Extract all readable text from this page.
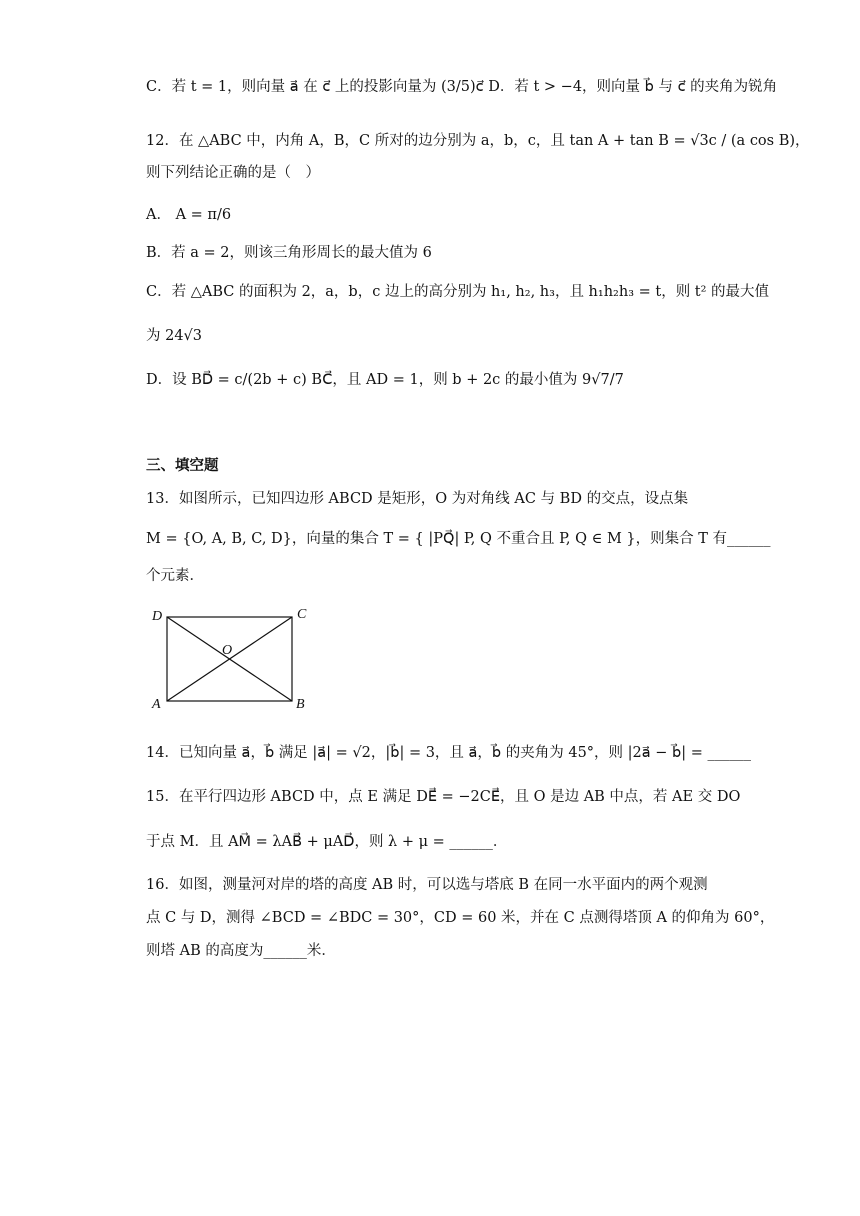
C．若 t = 1，则向量 a⃗ 在 c⃗ 上的投影向量为 (3/5)c⃗ D．若 t > −4，则向量 b⃗ 与 c⃗ 的夹角为锐角
12．在 △ABC 中，内角 A，B，C 所对的边分别为 a，b，c，且 tan A + tan B = √3c / (a cos B)，
则下列结论正确的是（　）
A． A = π/6
B．若 a = 2，则该三角形周长的最大值为 6
C．若 △ABC 的面积为 2，a，b，c 边上的高分别为 h₁, h₂, h₃，且 h₁h₂h₃ = t，则 t² 的最大值
为 24√3
D．设 BD⃗ = c/(2b + c) BC⃗，且 AD = 1，则 b + 2c 的最小值为 9√7/7
三、填空题
13．如图所示，已知四边形 ABCD 是矩形，O 为对角线 AC 与 BD 的交点，设点集
M = {O, A, B, C, D}，向量的集合 T = { |PQ⃗| P, Q 不重合且 P, Q ∈ M }，则集合 T 有______
个元素．
D	C
O
A	B
14．已知向量 a⃗，b⃗ 满足 |a⃗| = √2，|b⃗| = 3，且 a⃗，b⃗ 的夹角为 45°，则 |2a⃗ − b⃗| = ______
15．在平行四边形 ABCD 中，点 E 满足 DE⃗ = −2CE⃗，且 O 是边 AB 中点，若 AE 交 DO
于点 M．且 AM⃗ = λAB⃗ + μAD⃗，则 λ + μ = ______．
16．如图，测量河对岸的塔的高度 AB 时，可以选与塔底 B 在同一水平面内的两个观测
点 C 与 D，测得 ∠BCD = ∠BDC = 30°，CD = 60 米，并在 C 点测得塔顶 A 的仰角为 60°，
则塔 AB 的高度为______米．
